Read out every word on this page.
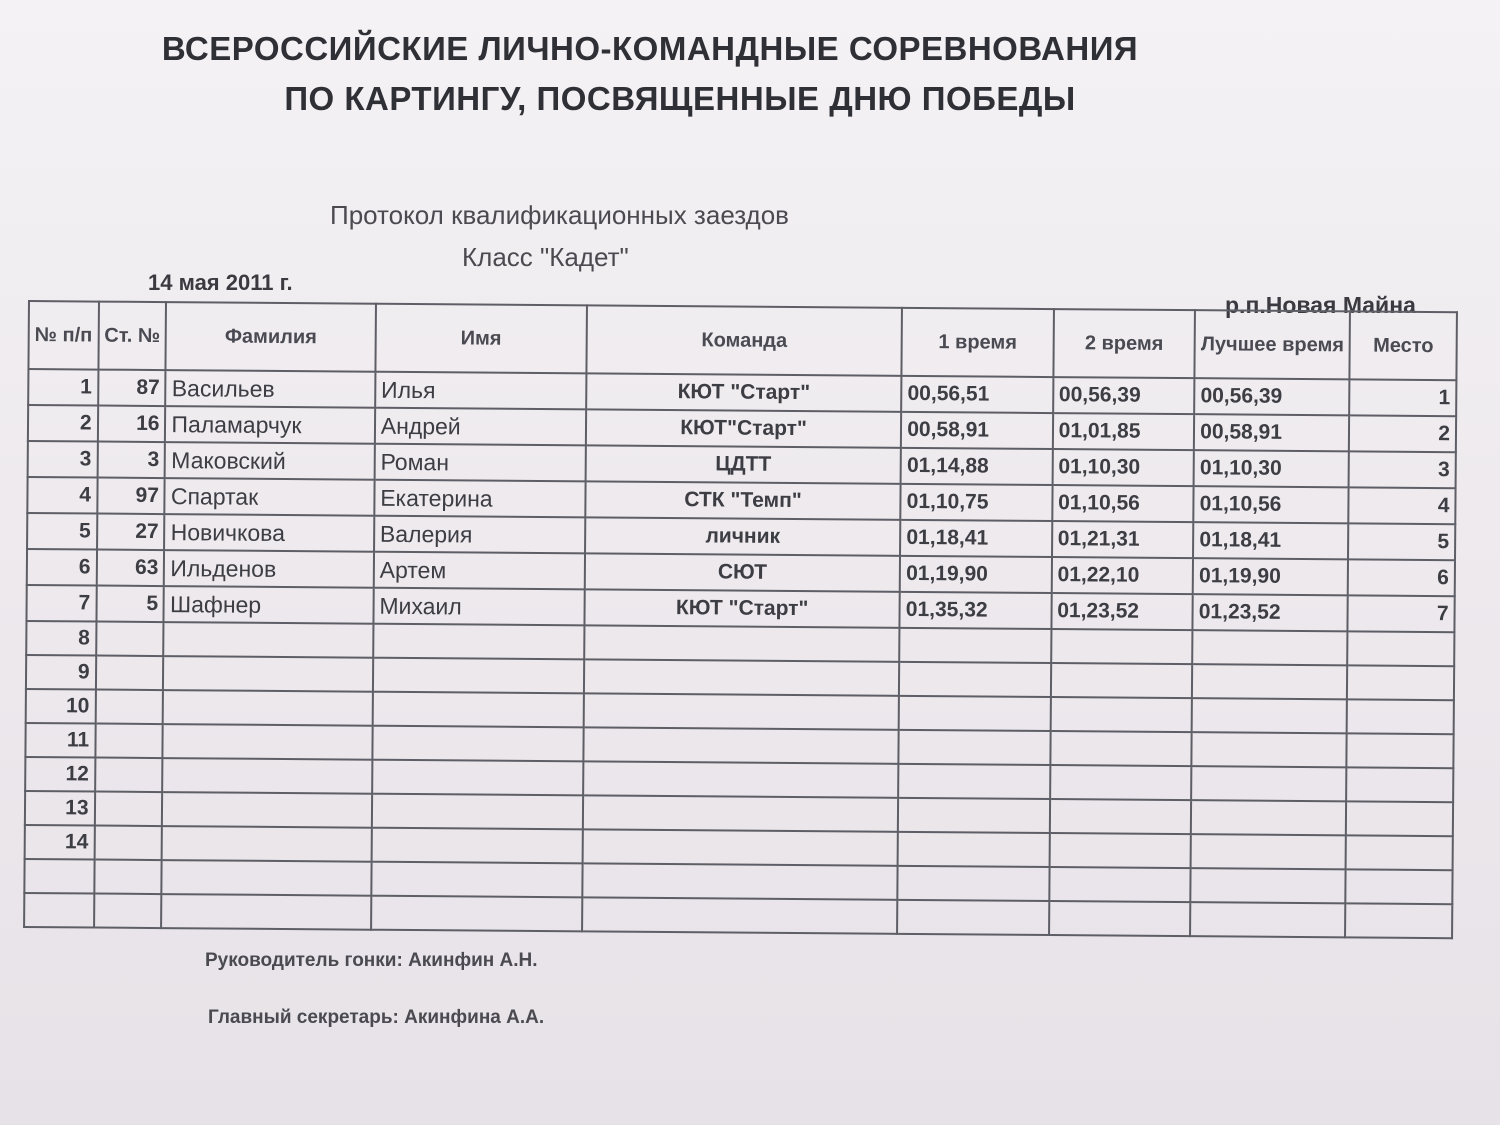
ВСЕРОССИЙСКИЕ ЛИЧНО-КОМАНДНЫЕ СОРЕВНОВАНИЯ
ПО КАРТИНГУ, ПОСВЯЩЕННЫЕ ДНЮ ПОБЕДЫ
Протокол квалификационных заездов
Класс "Кадет"
14 мая 2011 г.
р.п.Новая Майна
№ п/п	Ст. №	Фамилия	Имя	Команда	1 время	2 время	Лучшее время	Место
1	87	Васильев	Илья	КЮТ "Старт"	00,56,51	00,56,39	00,56,39	1
2	16	Паламарчук	Андрей	КЮТ"Старт"	00,58,91	01,01,85	00,58,91	2
3	3	Маковский	Роман	ЦДТТ	01,14,88	01,10,30	01,10,30	3
4	97	Спартак	Екатерина	СТК "Темп"	01,10,75	01,10,56	01,10,56	4
5	27	Новичкова	Валерия	личник	01,18,41	01,21,31	01,18,41	5
6	63	Ильденов	Артем	СЮТ	01,19,90	01,22,10	01,19,90	6
7	5	Шафнер	Михаил	КЮТ "Старт"	01,35,32	01,23,52	01,23,52	7
8								
9								
10								
11								
12								
13								
14								

Руководитель гонки: Акинфин А.Н.
Главный секретарь: Акинфина А.А.
